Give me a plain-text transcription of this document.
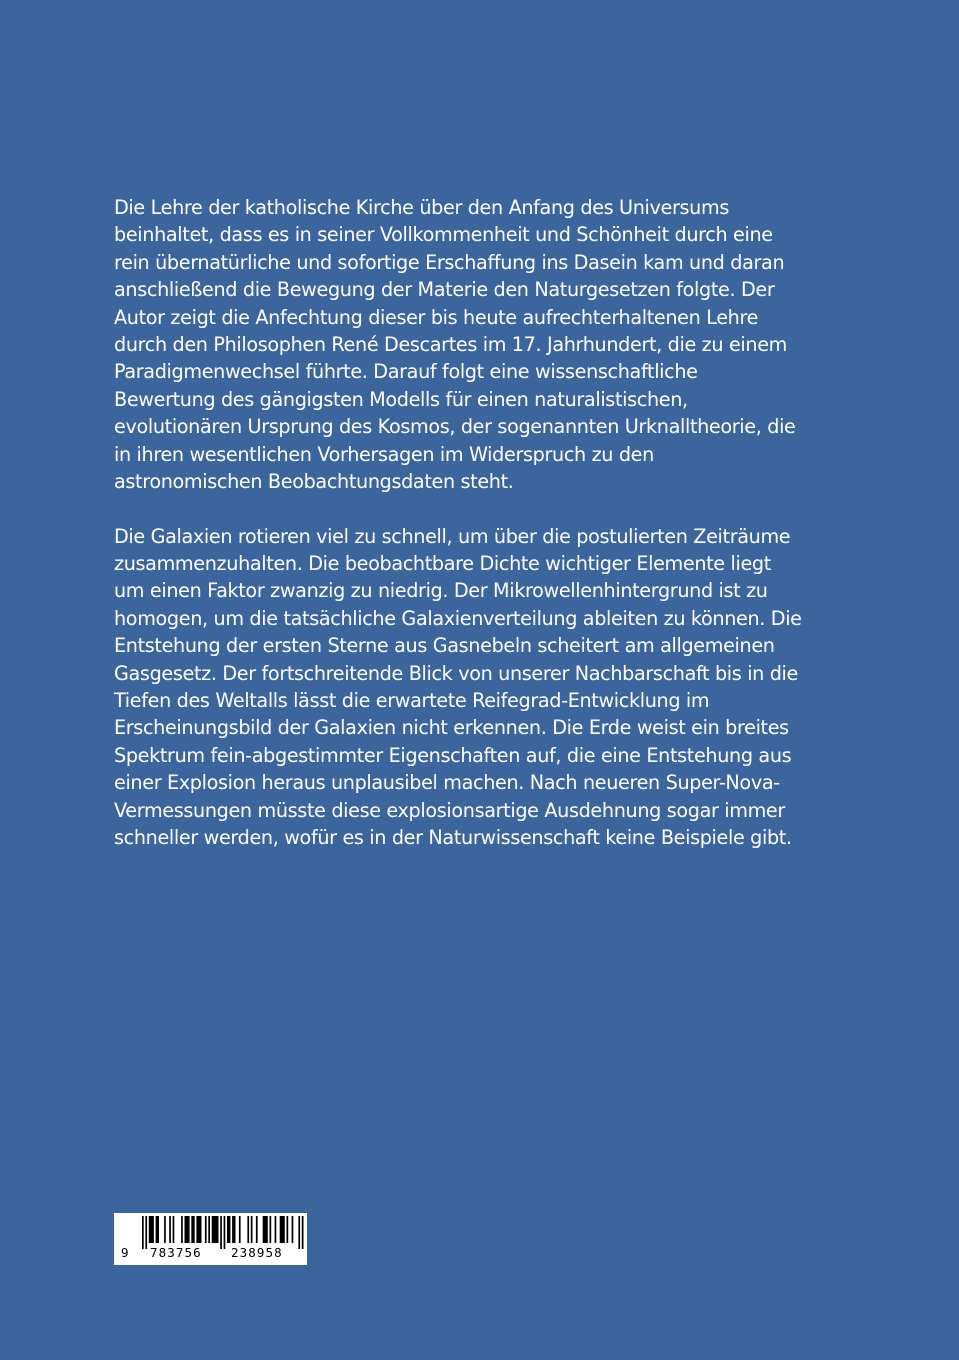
Die Lehre der katholische Kirche über den Anfang des Universums
beinhaltet, dass es in seiner Vollkommenheit und Schönheit durch eine
rein übernatürliche und sofortige Erschaffung ins Dasein kam und daran
anschließend die Bewegung der Materie den Naturgesetzen folgte. Der
Autor zeigt die Anfechtung dieser bis heute aufrechterhaltenen Lehre
durch den Philosophen René Descartes im 17. Jahrhundert, die zu einem
Paradigmenwechsel führte. Darauf folgt eine wissenschaftliche
Bewertung des gängigsten Modells für einen naturalistischen,
evolutionären Ursprung des Kosmos, der sogenannten Urknalltheorie, die
in ihren wesentlichen Vorhersagen im Widerspruch zu den
astronomischen Beobachtungsdaten steht.
Die Galaxien rotieren viel zu schnell, um über die postulierten Zeiträume
zusammenzuhalten. Die beobachtbare Dichte wichtiger Elemente liegt
um einen Faktor zwanzig zu niedrig. Der Mikrowellenhintergrund ist zu
homogen, um die tatsächliche Galaxienverteilung ableiten zu können. Die
Entstehung der ersten Sterne aus Gasnebeln scheitert am allgemeinen
Gasgesetz. Der fortschreitende Blick von unserer Nachbarschaft bis in die
Tiefen des Weltalls lässt die erwartete Reifegrad-Entwicklung im
Erscheinungsbild der Galaxien nicht erkennen. Die Erde weist ein breites
Spektrum fein-abgestimmter Eigenschaften auf, die eine Entstehung aus
einer Explosion heraus unplausibel machen. Nach neueren Super-Nova-
Vermessungen müsste diese explosionsartige Ausdehnung sogar immer
schneller werden, wofür es in der Naturwissenschaft keine Beispiele gibt.
9 783756 238958
